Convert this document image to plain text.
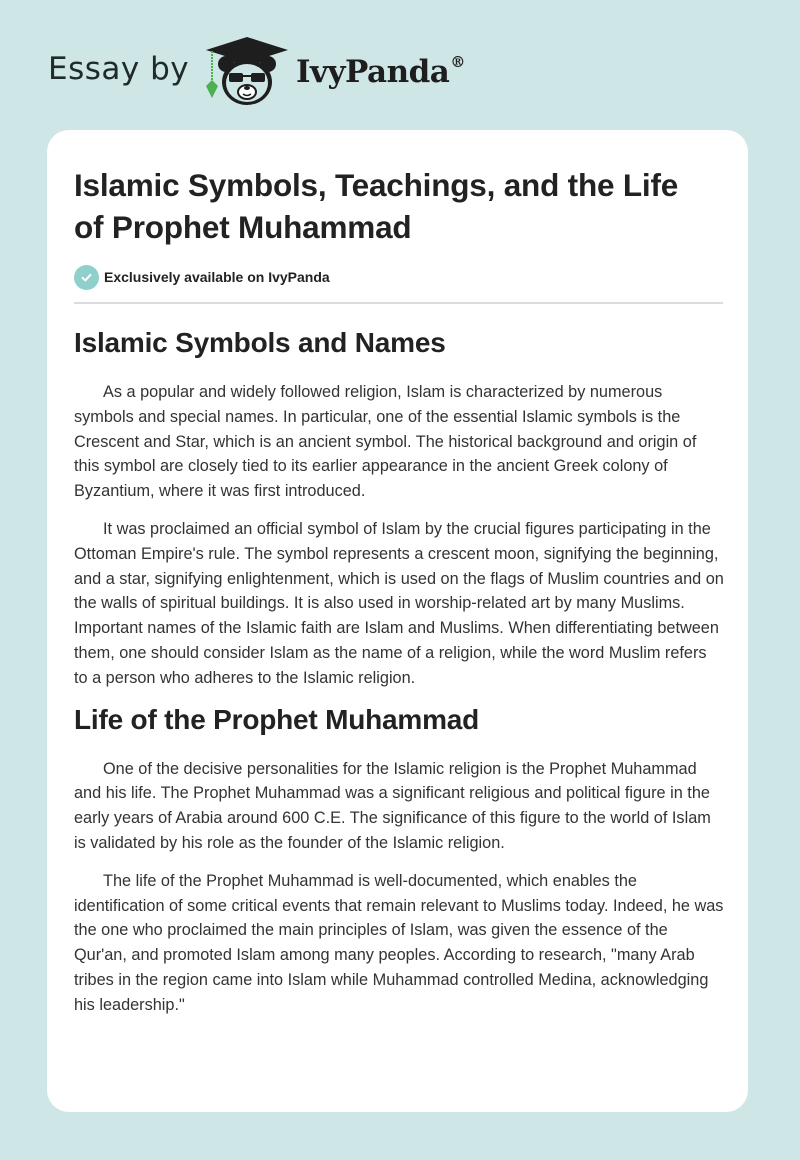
Essay by	IvyPanda®
Islamic Symbols, Teachings, and the Life of Prophet Muhammad
Exclusively available on IvyPanda
Islamic Symbols and Names

As a popular and widely followed religion, Islam is characterized by numerous symbols and special names. In particular, one of the essential Islamic symbols is the Crescent and Star, which is an ancient symbol. The historical background and origin of this symbol are closely tied to its earlier appearance in the ancient Greek colony of Byzantium, where it was first introduced.

It was proclaimed an official symbol of Islam by the crucial figures participating in the Ottoman Empire's rule. The symbol represents a crescent moon, signifying the beginning, and a star, signifying enlightenment, which is used on the flags of Muslim countries and on the walls of spiritual buildings. It is also used in worship-related art by many Muslims. Important names of the Islamic faith are Islam and Muslims. When differentiating between them, one should consider Islam as the name of a religion, while the word Muslim refers to a person who adheres to the Islamic religion.

Life of the Prophet Muhammad

One of the decisive personalities for the Islamic religion is the Prophet Muhammad and his life. The Prophet Muhammad was a significant religious and political figure in the early years of Arabia around 600 C.E. The significance of this figure to the world of Islam is validated by his role as the founder of the Islamic religion.

The life of the Prophet Muhammad is well-documented, which enables the identification of some critical events that remain relevant to Muslims today. Indeed, he was the one who proclaimed the main principles of Islam, was given the essence of the Qur'an, and promoted Islam among many peoples. According to research, "many Arab tribes in the region came into Islam while Muhammad controlled Medina, acknowledging his leadership."
